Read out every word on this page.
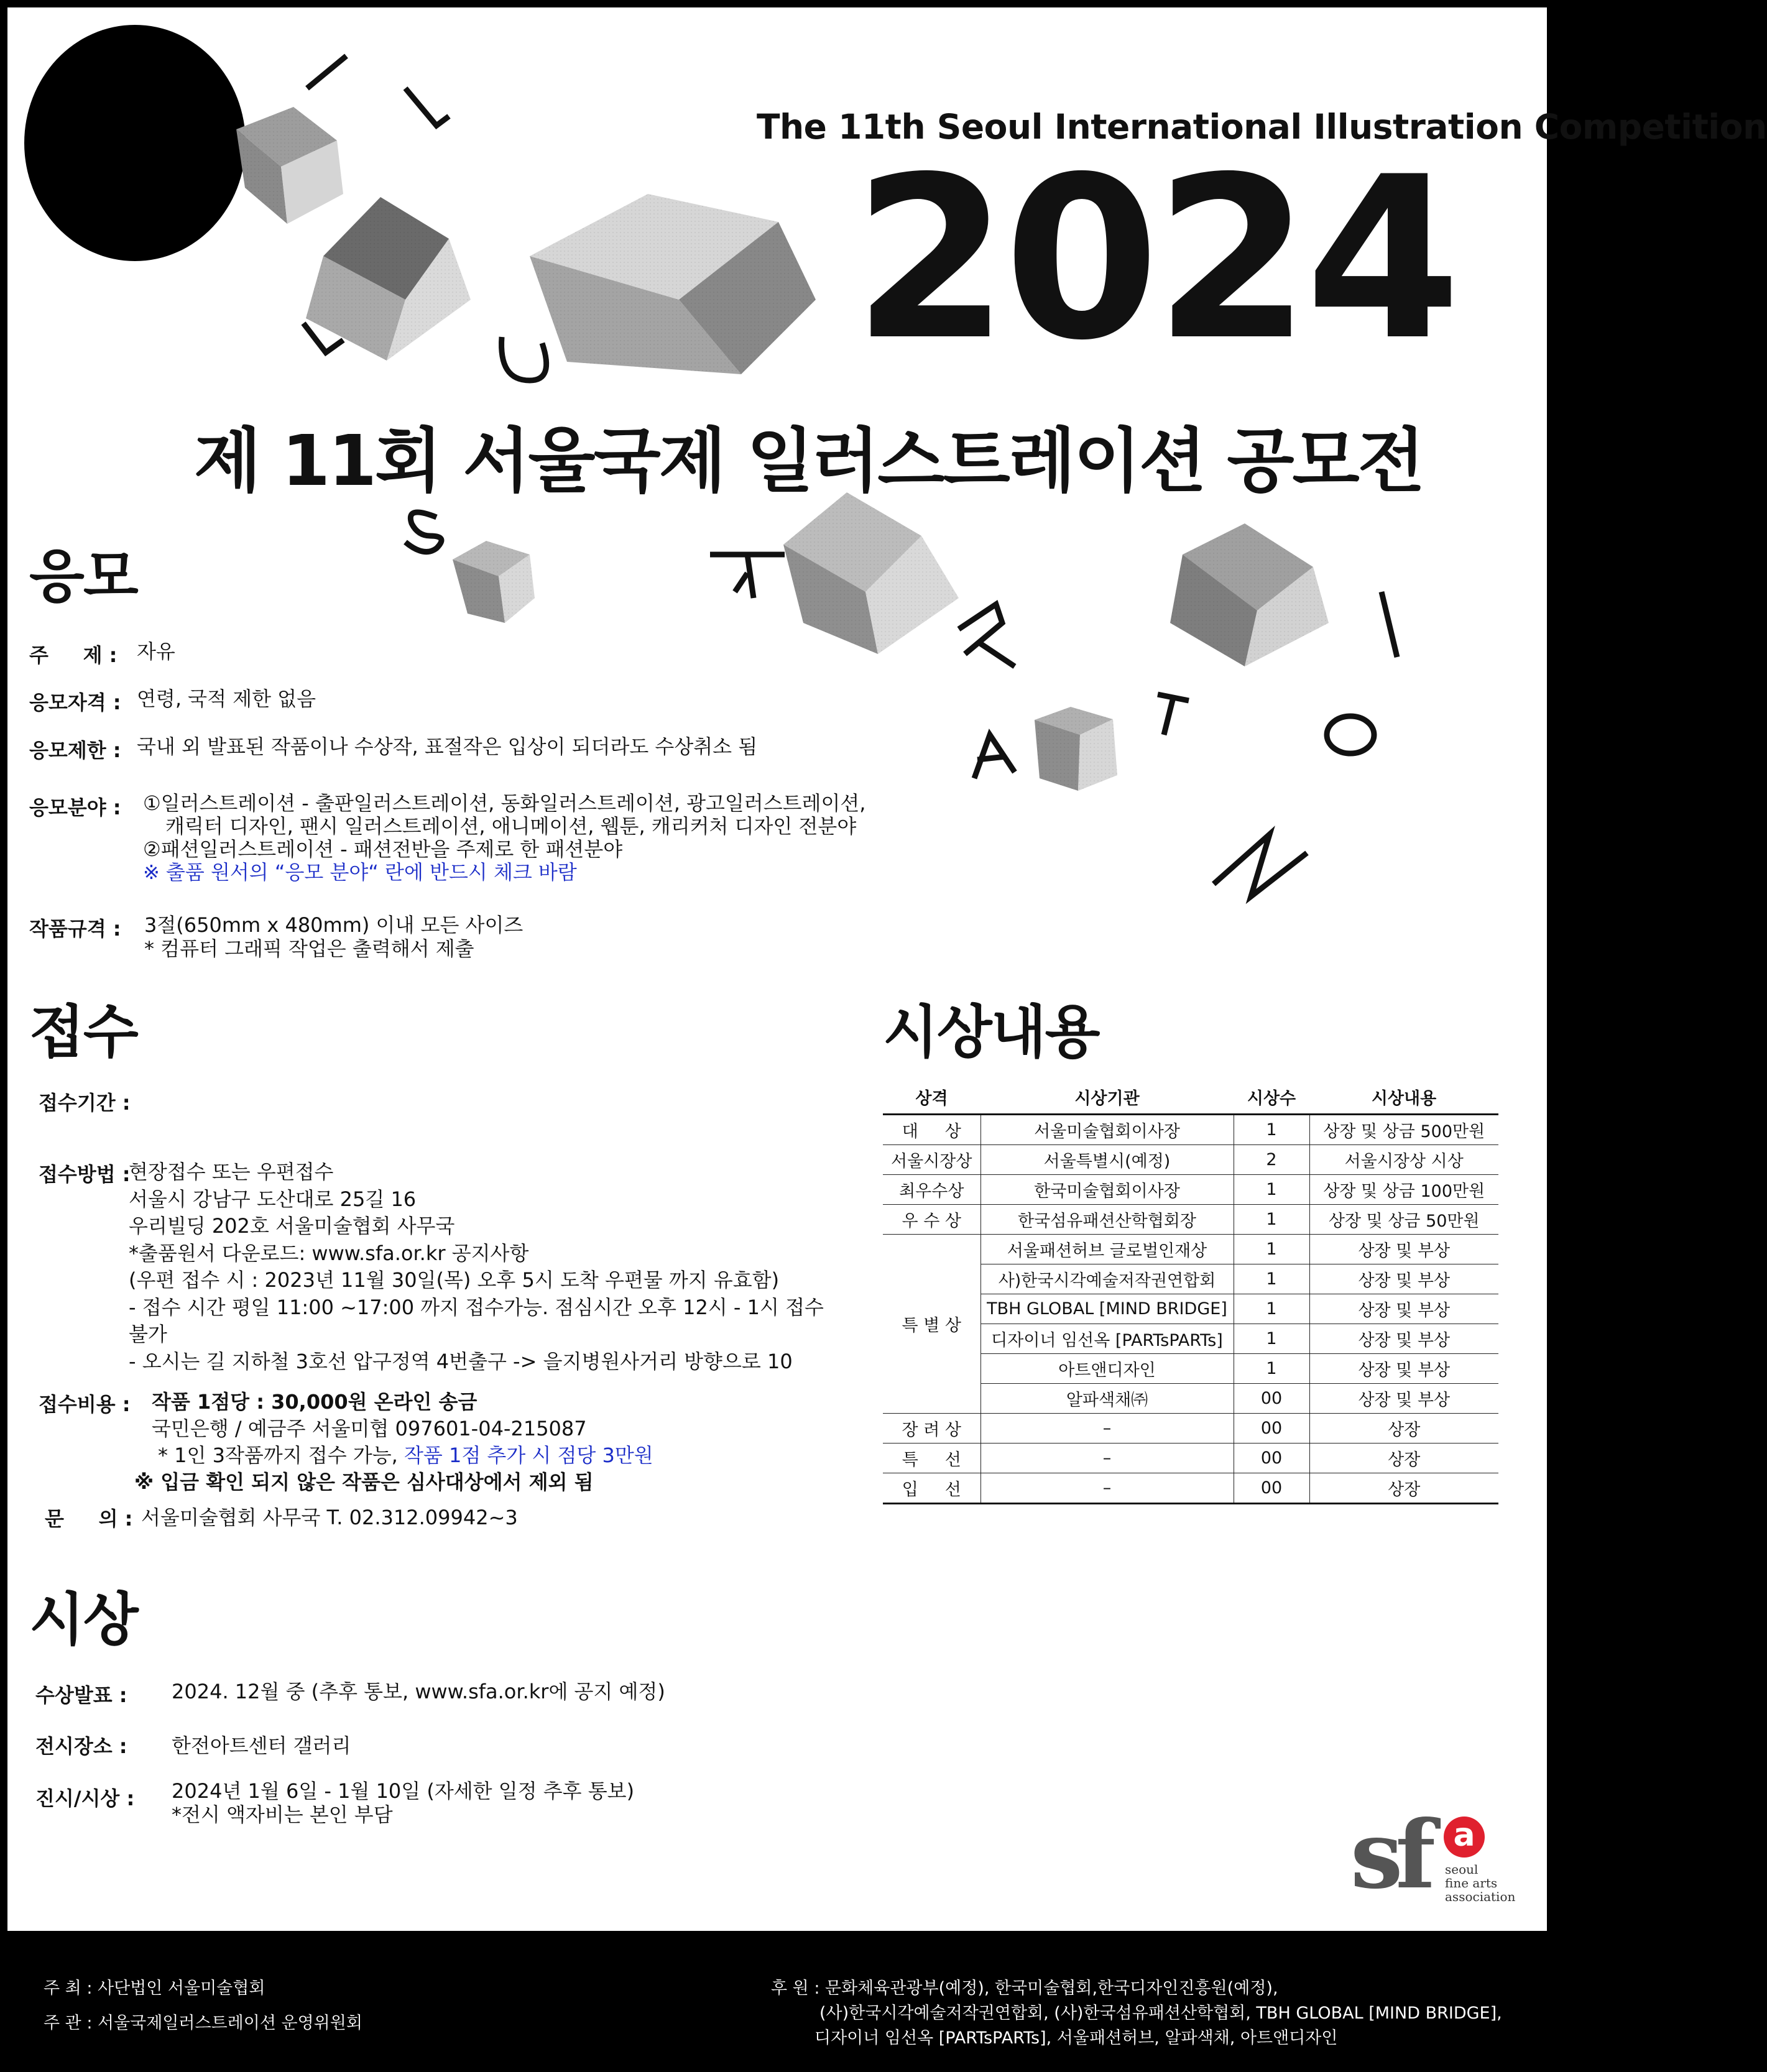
The 11th Seoul International Illustration Competition
2024
제 11회 서울국제 일러스트레이션 공모전
응모
주     제 : 자유
응모자격 : 연령, 국적 제한 없음
응모제한 : 국내 외 발표된 작품이나 수상작, 표절작은 입상이 되더라도 수상취소 됨
응모분야 : ①일러스트레이션 - 출판일러스트레이션, 동화일러스트레이션, 광고일러스트레이션,
캐릭터 디자인, 팬시 일러스트레이션, 애니메이션, 웹툰, 캐리커처 디자인 전분야
②패션일러스트레이션 - 패션전반을 주제로 한 패션분야
※ 출품 원서의 “응모 분야“ 란에 반드시 체크 바람
작품규격 : 3절(650mm x 480mm) 이내 모든 사이즈
* 컴퓨터 그래픽 작업은 출력해서 제출
접수
접수기간 :
접수방법 :
현장접수 또는 우편접수
서울시 강남구 도산대로 25길 16
우리빌딩 202호 서울미술협회 사무국
*출품원서 다운로드: www.sfa.or.kr 공지사항
(우편 접수 시 : 2023년 11월 30일(목) 오후 5시 도착 우편물 까지 유효함)
- 접수 시간 평일 11:00 ~17:00 까지 접수가능. 점심시간 오후 12시 - 1시 접수
불가
- 오시는 길 지하철 3호선 압구정역 4번출구 -> 을지병원사거리 방향으로 10
접수비용 : 작품 1점당 : 30,000원 온라인 송금
국민은행 / 예금주 서울미협 097601-04-215087
* 1인 3작품까지 접수 가능, 작품 1점 추가 시 점당 3만원
※ 입금 확인 되지 않은 작품은 심사대상에서 제외 됨
문     의 : 서울미술협회 사무국 T. 02.312.09942~3
시상
수상발표 : 2024. 12월 중 (추후 통보, www.sfa.or.kr에 공지 예정)
전시장소 : 한전아트센터 갤러리
진시/시상 : 2024년 1월 6일 - 1월 10일 (자세한 일정 추후 통보)
*전시 액자비는 본인 부담
시상내용
상격	시상기관	시상수	시상내용
대     상	서울미술협회이사장	1	상장 및 상금 500만원
서울시장상	서울특별시(예정)	2	서울시장상 시상
최우수상	한국미술협회이사장	1	상장 및 상금 100만원
우 수 상	한국섬유패션산학협회장	1	상장 및 상금 50만원
특 별 상	서울패션허브 글로벌인재상	1	상장 및 부상
	사)한국시각예술저작권연합회	1	상장 및 부상
	TBH GLOBAL [MIND BRIDGE]	1	상장 및 부상
	디자이너 임선옥 [PARTsPARTs]	1	상장 및 부상
	아트앤디자인	1	상장 및 부상
	알파색채㈜	00	상장 및 부상
장 려 상	–	00	상장
특     선	–	00	상장
입     선	–	00	상장
sf a
seoul
fine arts
association
주 최 : 사단법인 서울미술협회
주 관 : 서울국제일러스트레이션 운영위원회
후 원 : 문화체육관광부(예정), 한국미술협회,한국디자인진흥원(예정),
(사)한국시각예술저작권연합회, (사)한국섬유패션산학협회, TBH GLOBAL [MIND BRIDGE],
디자이너 임선옥 [PARTsPARTs], 서울패션허브, 알파색채, 아트앤디자인
